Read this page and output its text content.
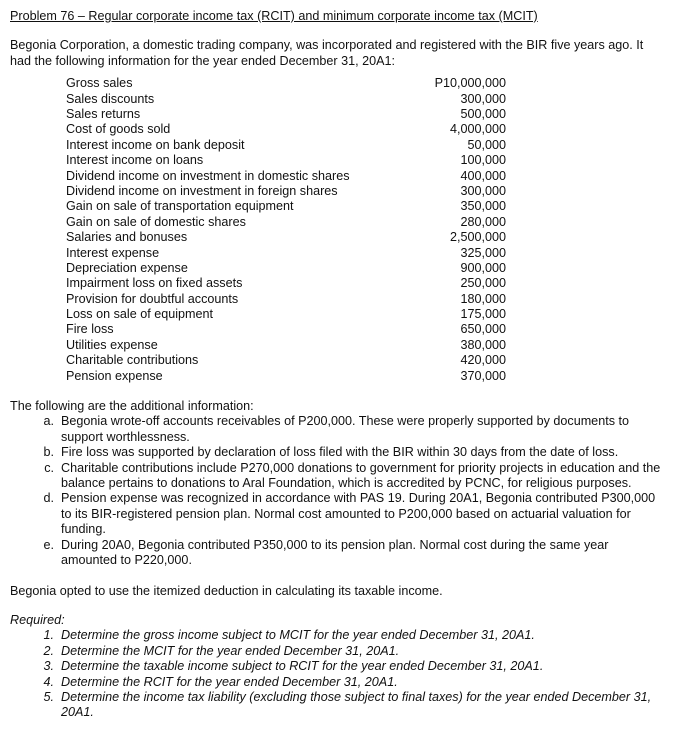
Problem 76 – Regular corporate income tax (RCIT) and minimum corporate income tax (MCIT)

Begonia Corporation, a domestic trading company, was incorporated and registered with the BIR five years ago. It had the following information for the year ended December 31, 20A1:
Gross sales	P10,000,000
Sales discounts	300,000
Sales returns	500,000
Cost of goods sold	4,000,000
Interest income on bank deposit	50,000
Interest income on loans	100,000
Dividend income on investment in domestic shares	400,000
Dividend income on investment in foreign shares	300,000
Gain on sale of transportation equipment	350,000
Gain on sale of domestic shares	280,000
Salaries and bonuses	2,500,000
Interest expense	325,000
Depreciation expense	900,000
Impairment loss on fixed assets	250,000
Provision for doubtful accounts	180,000
Loss on sale of equipment	175,000
Fire loss	650,000
Utilities expense	380,000
Charitable contributions	420,000
Pension expense	370,000
The following are the additional information:
a. Begonia wrote-off accounts receivables of P200,000. These were properly supported by documents to support worthlessness.
b. Fire loss was supported by declaration of loss filed with the BIR within 30 days from the date of loss.
c. Charitable contributions include P270,000 donations to government for priority projects in education and the balance pertains to donations to Aral Foundation, which is accredited by PCNC, for religious purposes.
d. Pension expense was recognized in accordance with PAS 19. During 20A1, Begonia contributed P300,000 to its BIR-registered pension plan. Normal cost amounted to P200,000 based on actuarial valuation for funding.
e. During 20A0, Begonia contributed P350,000 to its pension plan. Normal cost during the same year amounted to P220,000.
Begonia opted to use the itemized deduction in calculating its taxable income.
Required:
1. Determine the gross income subject to MCIT for the year ended December 31, 20A1.
2. Determine the MCIT for the year ended December 31, 20A1.
3. Determine the taxable income subject to RCIT for the year ended December 31, 20A1.
4. Determine the RCIT for the year ended December 31, 20A1.
5. Determine the income tax liability (excluding those subject to final taxes) for the year ended December 31, 20A1.
